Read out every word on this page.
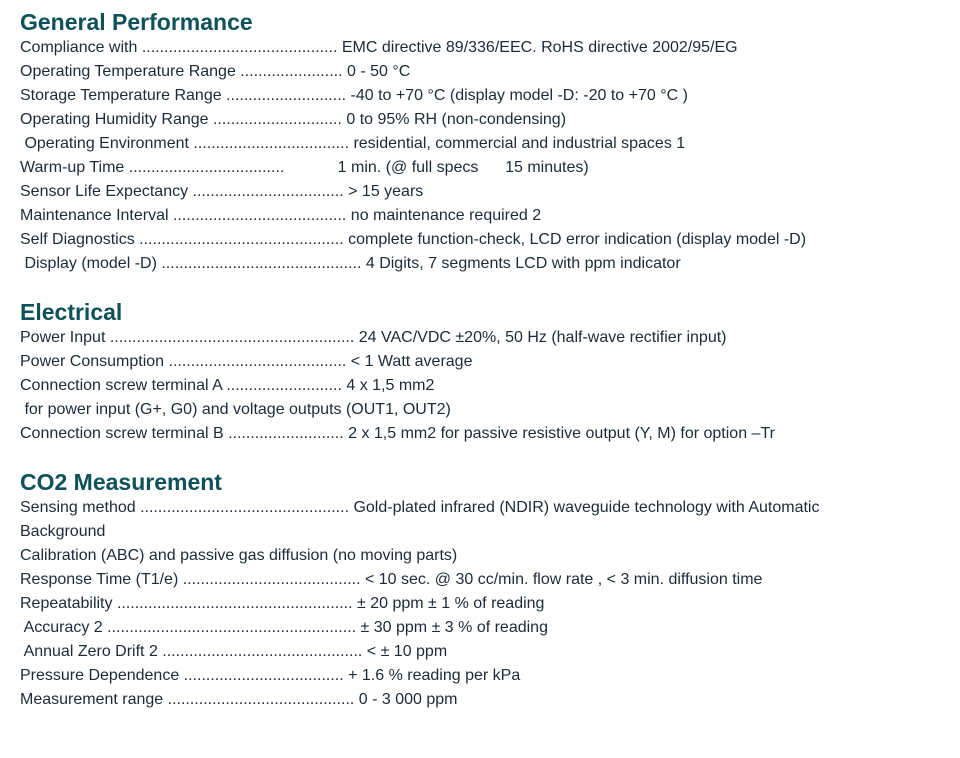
General Performance
Compliance with ............................................ EMC directive 89/336/EEC. RoHS directive 2002/95/EG
Operating Temperature Range ....................... 0 - 50 °C
Storage Temperature Range ........................... -40 to +70 °C (display model -D: -20 to +70 °C )
Operating Humidity Range ............................. 0 to 95% RH (non-condensing)
Operating Environment ................................... residential, commercial and industrial spaces 1
Warm-up Time ...................................            1 min. (@ full specs      15 minutes)
Sensor Life Expectancy .................................. > 15 years
Maintenance Interval ....................................... no maintenance required 2
Self Diagnostics .............................................. complete function-check, LCD error indication (display model -D)
Display (model -D) ............................................. 4 Digits, 7 segments LCD with ppm indicator
Electrical
Power Input ....................................................... 24 VAC/VDC ±20%, 50 Hz (half-wave rectifier input)
Power Consumption ........................................ < 1 Watt average
Connection screw terminal A .......................... 4 x 1,5 mm2
for power input (G+, G0) and voltage outputs (OUT1, OUT2)
Connection screw terminal B .......................... 2 x 1,5 mm2 for passive resistive output (Y, M) for option –Tr
CO2 Measurement
Sensing method ............................................... Gold-plated infrared (NDIR) waveguide technology with Automatic
Background
Calibration (ABC) and passive gas diffusion (no moving parts)
Response Time (T1/e) ........................................ < 10 sec. @ 30 cc/min. flow rate , < 3 min. diffusion time
Repeatability ..................................................... ± 20 ppm ± 1 % of reading
Accuracy 2 ........................................................ ± 30 ppm ± 3 % of reading
Annual Zero Drift 2 ............................................. < ± 10 ppm
Pressure Dependence .................................... + 1.6 % reading per kPa
Measurement range .......................................... 0 - 3 000 ppm
